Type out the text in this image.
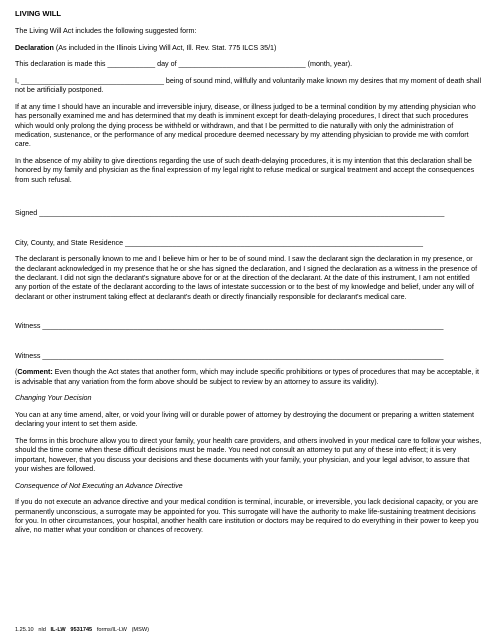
LIVING WILL

The Living Will Act includes the following suggested form:

Declaration (As included in the Illinois Living Will Act, Ill. Rev. Stat. 775 ILCS 35/1)

This declaration is made this ____________ day of ________________________________ (month, year).

I, ____________________________________ being of sound mind, willfully and voluntarily make known my desires that my moment of death shall not be artificially postponed.

If at any time I should have an incurable and irreversible injury, disease, or illness judged to be a terminal condition by my attending physician who has personally examined me and has determined that my death is imminent except for death-delaying procedures, I direct that such procedures which would only prolong the dying process be withheld or withdrawn, and that I be permitted to die naturally with only the administration of medication, sustenance, or the performance of any medical procedure deemed necessary by my attending physician to provide me with comfort care.

In the absence of my ability to give directions regarding the use of such death-delaying procedures, it is my intention that this declaration shall be honored by my family and physician as the final expression of my legal right to refuse medical or surgical treatment and accept the consequences from such refusal.

Signed ______________________________________________________________________________________________________

City, County, and State Residence ___________________________________________________________________________

The declarant is personally known to me and I believe him or her to be of sound mind. I saw the declarant sign the declaration in my presence, or the declarant acknowledged in my presence that he or she has signed the declaration, and I signed the declaration as a witness in the presence of the declarant. I did not sign the declarant's signature above for or at the direction of the declarant. At the date of this instrument, I am not entitled any portion of the estate of the declarant according to the laws of intestate succession or to the best of my knowledge and belief, under any will of declarant or other instrument taking effect at declarant's death or directly financially responsible for declarant's medical care.

Witness _____________________________________________________________________________________________________

Witness _____________________________________________________________________________________________________

(Comment: Even though the Act states that another form, which may include specific prohibitions or types of procedures that may be acceptable, it is advisable that any variation from the form above should be subject to review by an attorney to assure its validity).

Changing Your Decision

You can at any time amend, alter, or void your living will or durable power of attorney by destroying the document or preparing a written statement declaring your intent to set them aside.

The forms in this brochure allow you to direct your family, your health care providers, and others involved in your medical care to follow your wishes, should the time come when these difficult decisions must be made. You need not consult an attorney to put any of these into effect; it is very important, however, that you discuss your decisions and these documents with your family, your physician, and your legal advisor, to assure that your wishes are followed.

Consequence of Not Executing an Advance Directive

If you do not execute an advance directive and your medical condition is terminal, incurable, or irreversible, you lack decisional capacity, or you are permanently unconscious, a surrogate may be appointed for you. This surrogate will have the authority to make life-sustaining treatment decisions for you. In other circumstances, your hospital, another health care institution or doctors may be required to do everything in their power to keep you alive, no matter what your condition or chances of recovery.

1.25.10 nld IL-LW 9531745 forms/IL-LW (MSW)
